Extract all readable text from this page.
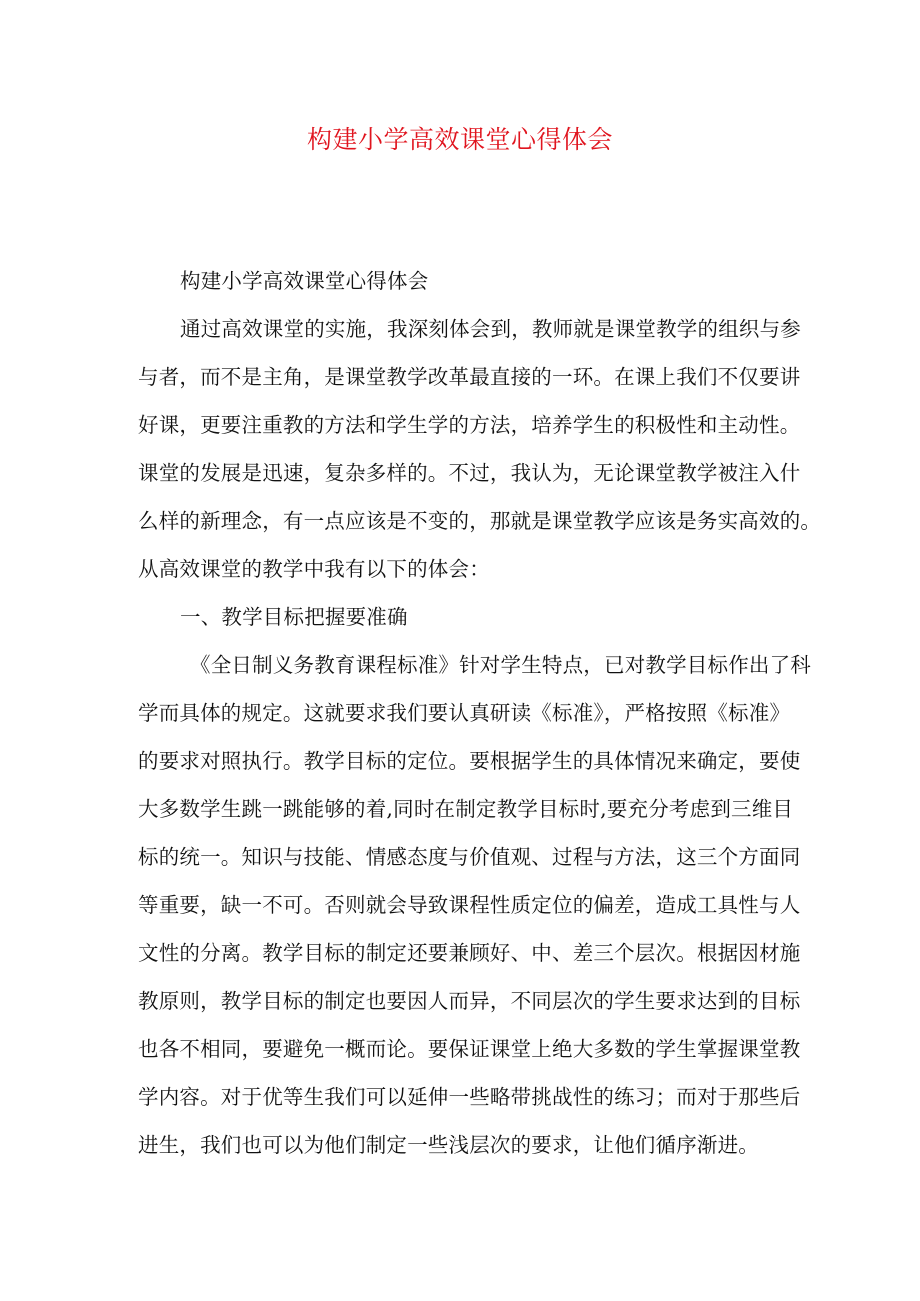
构建小学高效课堂心得体会
构建小学高效课堂心得体会
通过高效课堂的实施，我深刻体会到，教师就是课堂教学的组织与参
与者，而不是主角，是课堂教学改革最直接的一环。在课上我们不仅要讲
好课，更要注重教的方法和学生学的方法，培养学生的积极性和主动性。
课堂的发展是迅速，复杂多样的。不过，我认为，无论课堂教学被注入什
么样的新理念，有一点应该是不变的，那就是课堂教学应该是务实高效的。
从高效课堂的教学中我有以下的体会：
一、教学目标把握要准确
《全日制义务教育课程标准》针对学生特点，已对教学目标作出了科
学而具体的规定。这就要求我们要认真研读《标准》，严格按照《标准》
的要求对照执行。教学目标的定位。要根据学生的具体情况来确定，要使
大多数学生跳一跳能够的着,同时在制定教学目标时,要充分考虑到三维目
标的统一。知识与技能、情感态度与价值观、过程与方法，这三个方面同
等重要，缺一不可。否则就会导致课程性质定位的偏差，造成工具性与人
文性的分离。教学目标的制定还要兼顾好、中、差三个层次。根据因材施
教原则，教学目标的制定也要因人而异，不同层次的学生要求达到的目标
也各不相同，要避免一概而论。要保证课堂上绝大多数的学生掌握课堂教
学内容。对于优等生我们可以延伸一些略带挑战性的练习；而对于那些后
进生，我们也可以为他们制定一些浅层次的要求，让他们循序渐进。
